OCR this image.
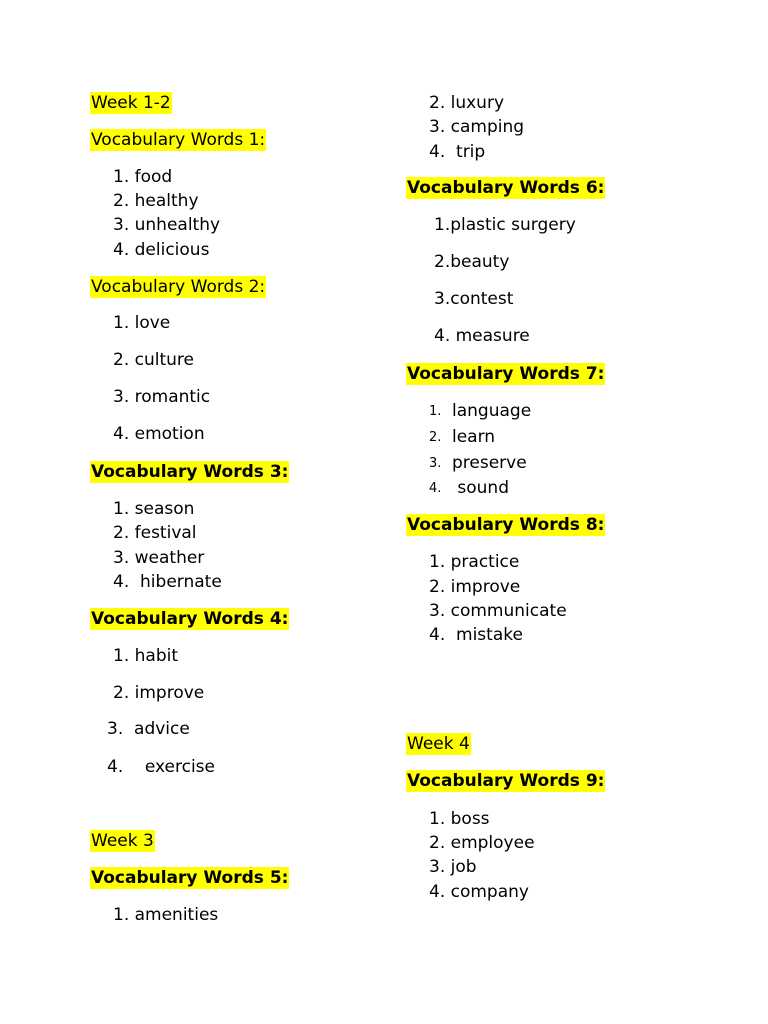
Week 1-2
Vocabulary Words 1:
1. food
2. healthy
3. unhealthy
4. delicious
Vocabulary Words 2:
1. love
2. culture
3. romantic
4. emotion
Vocabulary Words 3:
1. season
2. festival
3. weather
4.  hibernate
Vocabulary Words 4:
1. habit
2. improve
3.  advice
4.    exercise
Week 3
Vocabulary Words 5:
1. amenities
2. luxury
3. camping
4.  trip
Vocabulary Words 6:
1.plastic surgery
2.beauty
3.contest
4. measure
Vocabulary Words 7:
1. language
2. learn
3. preserve
4. sound
Vocabulary Words 8:
1. practice
2. improve
3. communicate
4.  mistake
Week 4
Vocabulary Words 9:
1. boss
2. employee
3. job
4. company
